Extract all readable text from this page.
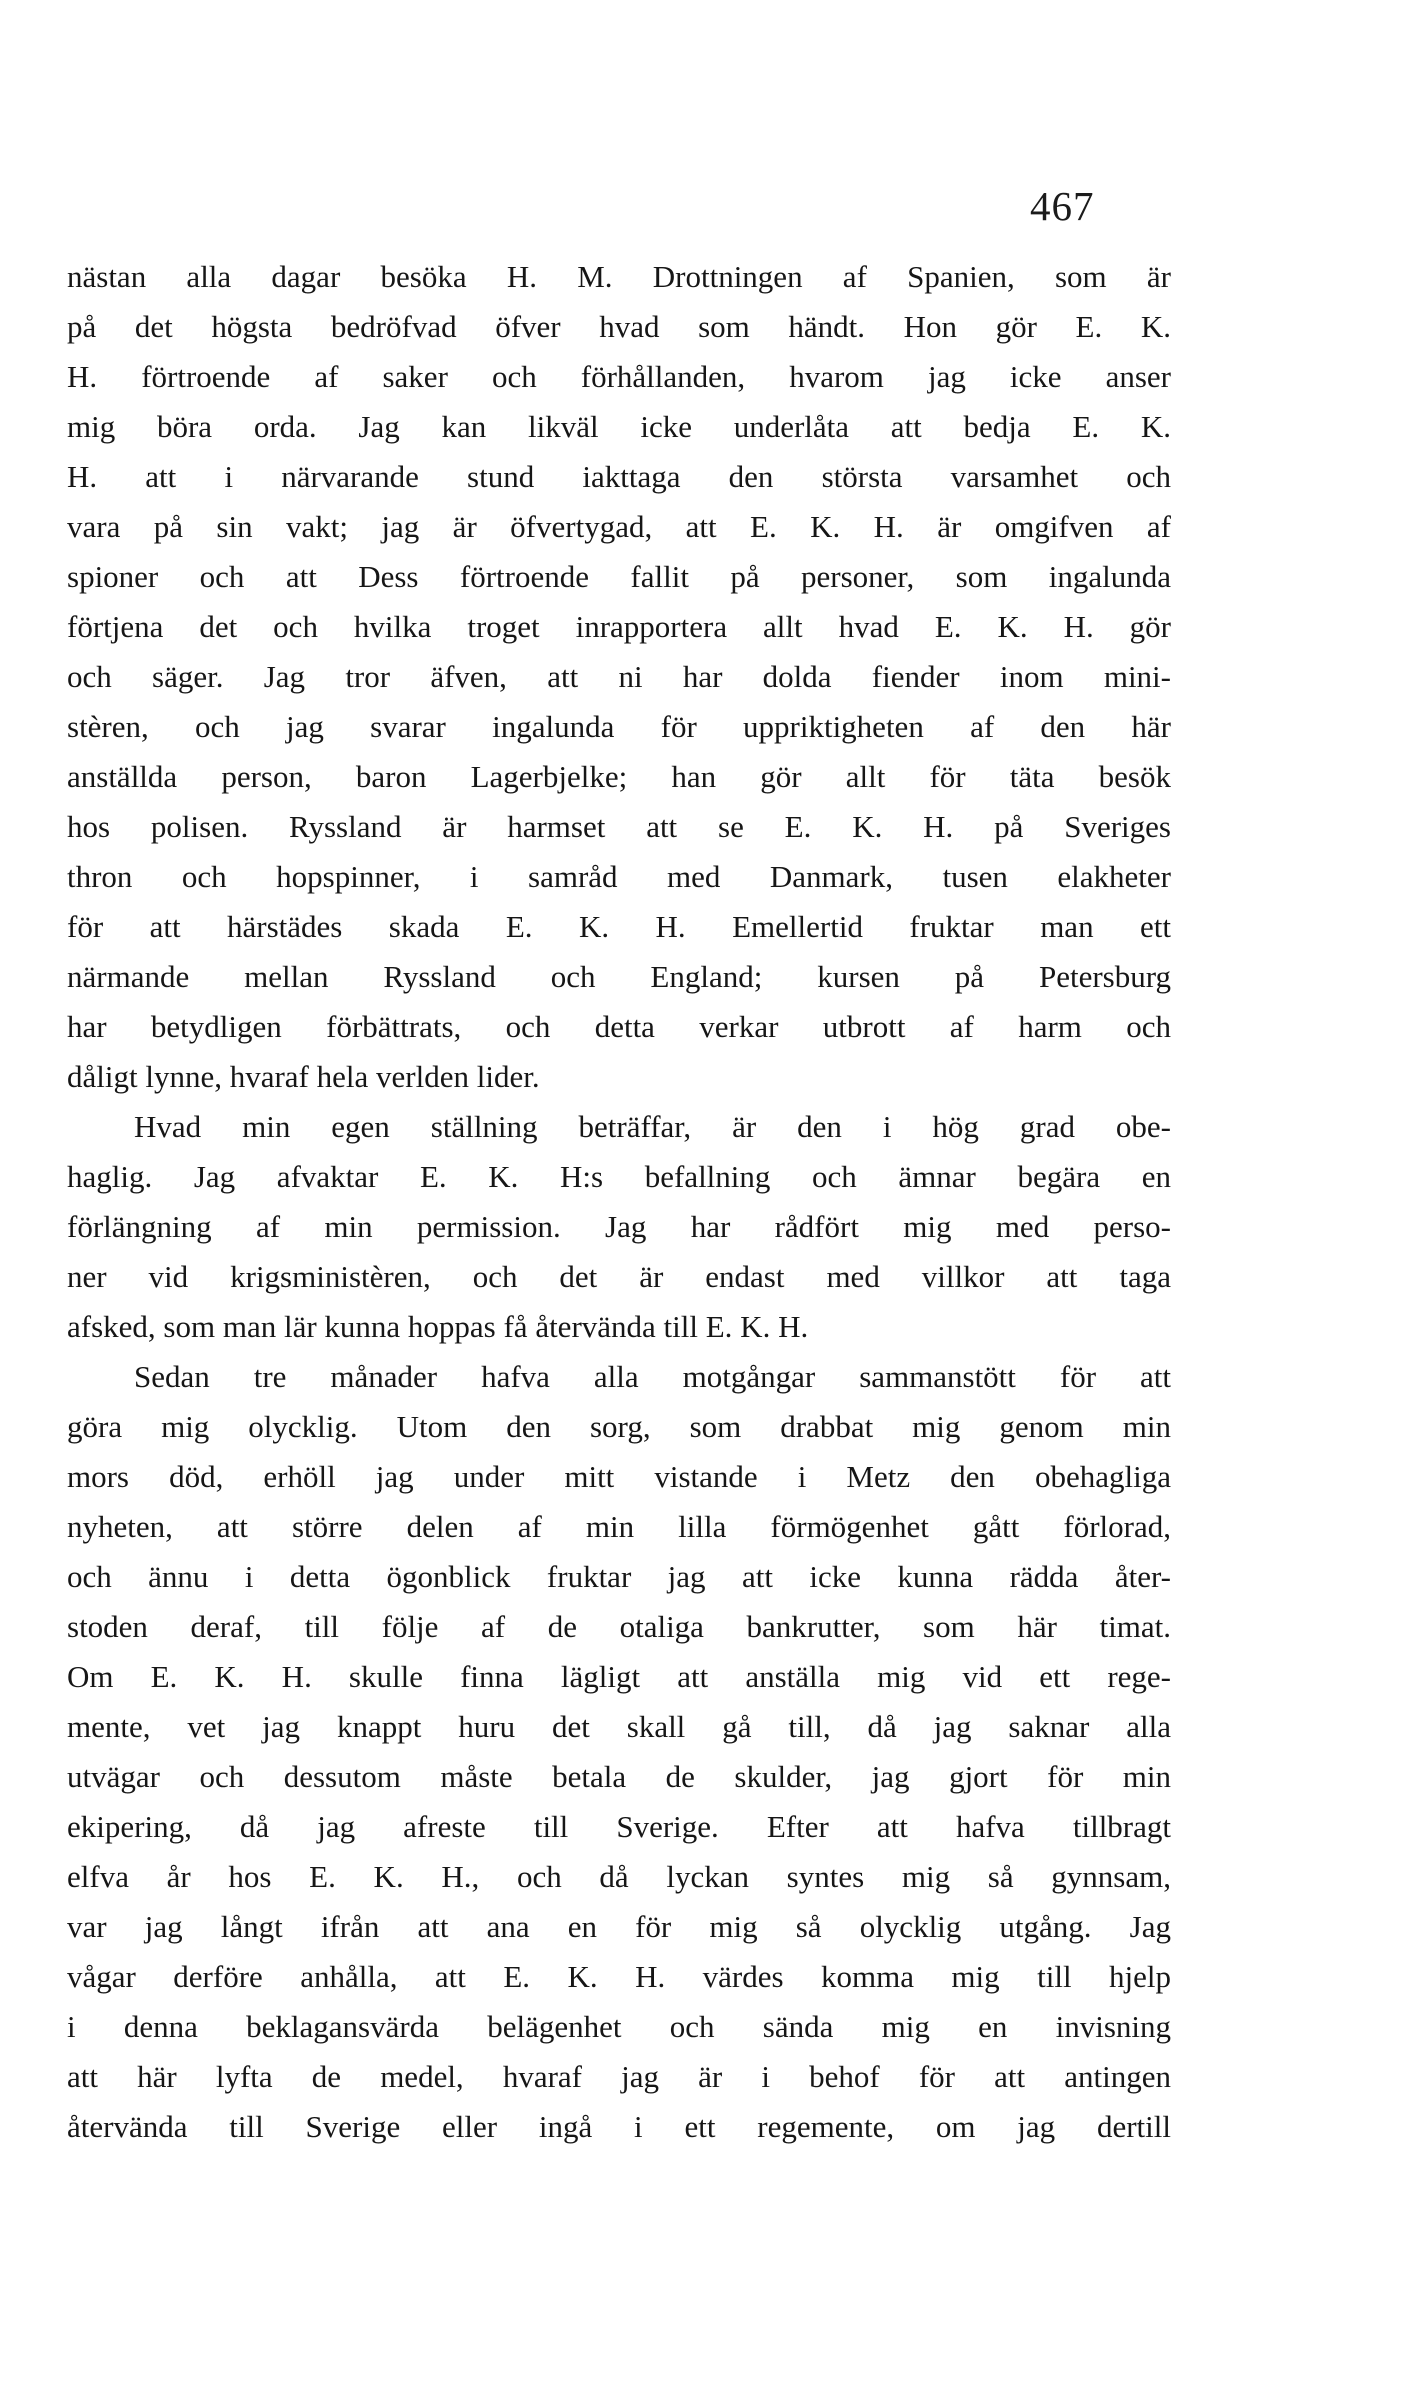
467
nästan alla dagar besöka H. M. Drottningen af Spanien, som är
på det högsta bedröfvad öfver hvad som händt. Hon gör E. K.
H. förtroende af saker och förhållanden, hvarom jag icke anser
mig böra orda. Jag kan likväl icke underlåta att bedja E. K.
H. att i närvarande stund iakttaga den största varsamhet och
vara på sin vakt; jag är öfvertygad, att E. K. H. är omgifven af
spioner och att Dess förtroende fallit på personer, som ingalunda
förtjena det och hvilka troget inrapportera allt hvad E. K. H. gör
och säger. Jag tror äfven, att ni har dolda fiender inom mini-
stèren, och jag svarar ingalunda för uppriktigheten af den här
anställda person, baron Lagerbjelke; han gör allt för täta besök
hos polisen. Ryssland är harmset att se E. K. H. på Sveriges
thron och hopspinner, i samråd med Danmark, tusen elakheter
för att härstädes skada E. K. H. Emellertid fruktar man ett
närmande mellan Ryssland och England; kursen på Petersburg
har betydligen förbättrats, och detta verkar utbrott af harm och
dåligt lynne, hvaraf hela verlden lider.
Hvad min egen ställning beträffar, är den i hög grad obe-
haglig. Jag afvaktar E. K. H:s befallning och ämnar begära en
förlängning af min permission. Jag har rådfört mig med perso-
ner vid krigsministèren, och det är endast med villkor att taga
afsked, som man lär kunna hoppas få återvända till E. K. H.
Sedan tre månader hafva alla motgångar sammanstött för att
göra mig olycklig. Utom den sorg, som drabbat mig genom min
mors död, erhöll jag under mitt vistande i Metz den obehagliga
nyheten, att större delen af min lilla förmögenhet gått förlorad,
och ännu i detta ögonblick fruktar jag att icke kunna rädda åter-
stoden deraf, till följe af de otaliga bankrutter, som här timat.
Om E. K. H. skulle finna lägligt att anställa mig vid ett rege-
mente, vet jag knappt huru det skall gå till, då jag saknar alla
utvägar och dessutom måste betala de skulder, jag gjort för min
ekipering, då jag afreste till Sverige. Efter att hafva tillbragt
elfva år hos E. K. H., och då lyckan syntes mig så gynnsam,
var jag långt ifrån att ana en för mig så olycklig utgång. Jag
vågar derföre anhålla, att E. K. H. värdes komma mig till hjelp
i denna beklagansvärda belägenhet och sända mig en invisning
att här lyfta de medel, hvaraf jag är i behof för att antingen
återvända till Sverige eller ingå i ett regemente, om jag dertill
